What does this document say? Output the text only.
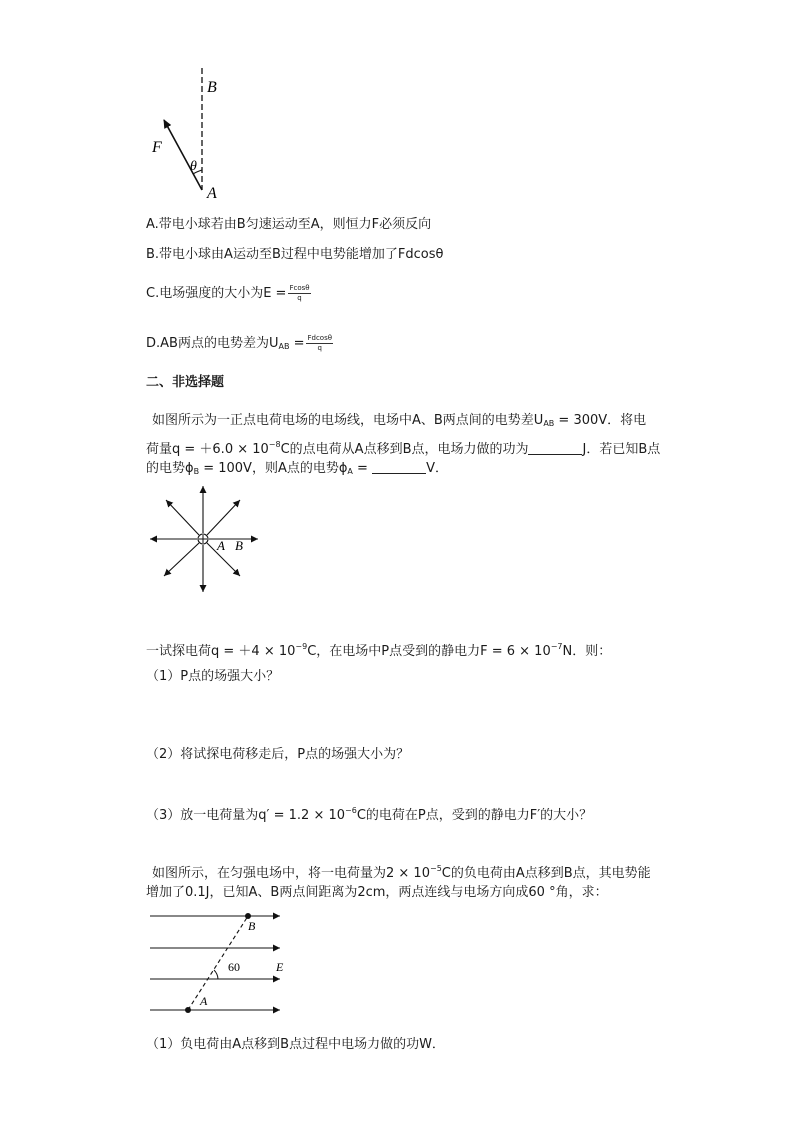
B
F
θ
A
A.带电小球若由B匀速运动至A，则恒力F必须反向
B.带电小球由A运动至B过程中电势能增加了Fdcosθ
C.电场强度的大小为$E = \frac{Fcos\theta}{q}$
D.AB两点的电势差为$U_{AB} = \frac{Fdcos\theta}{q}$
二、非选择题
如图所示为一正点电荷电场的电场线，电场中A、B两点间的电势差$U_{AB} = 300V$．将电
荷量$q = +6.0 \times 10^{-8}C$的点电荷从A点移到B点，电场力做的功为	J．若已知B点
的电势$\phi_B = 100V$，则A点的电势$\phi_A$ =	V．
A B
一试探电荷$q = +4 \times 10^{-9}C$，在电场中P点受到的静电力$F = 6 \times 10^{-7}N$．则：
（1）P点的场强大小？
（2）将试探电荷移走后，P点的场强大小为？
（3）放一电荷量为$q' = 1.2 \times 10^{-6}C$的电荷在P点，受到的静电力F′的大小？
如图所示，在匀强电场中，将一电荷量为$2 \times 10^{-5}C$的负电荷由A点移到B点，其电势能
增加了0.1J，已知A、B两点间距离为2cm，两点连线与电场方向成60 °角，求：
B
60	E
A
（1）负电荷由A点移到B点过程中电场力做的功W．
